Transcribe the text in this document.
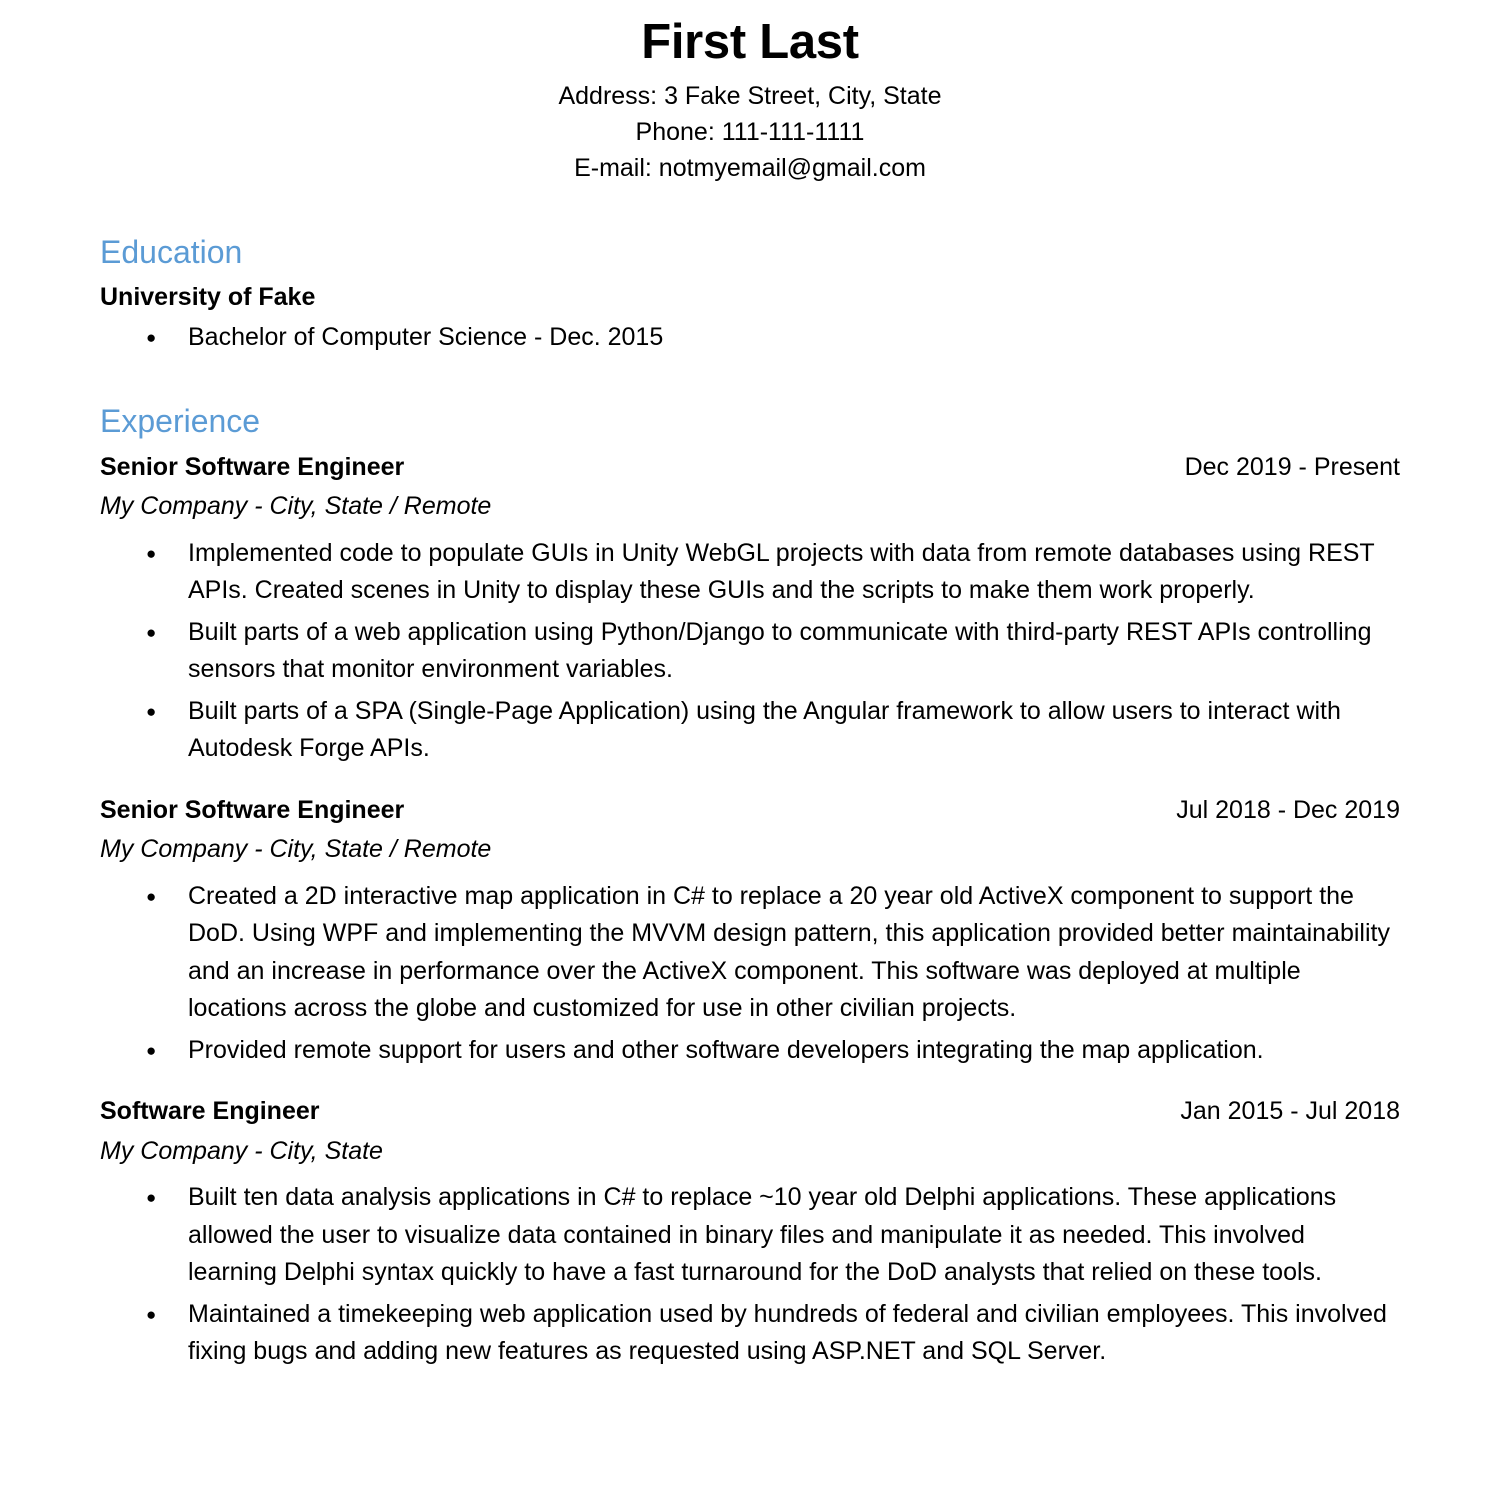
First Last
Address: 3 Fake Street, City, State
Phone: 111-111-1111
E-mail: notmyemail@gmail.com
Education
University of Fake
● Bachelor of Computer Science - Dec. 2015
Experience
Senior Software Engineer	Dec 2019 - Present
My Company - City, State / Remote
● Implemented code to populate GUIs in Unity WebGL projects with data from remote databases using REST APIs. Created scenes in Unity to display these GUIs and the scripts to make them work properly.
● Built parts of a web application using Python/Django to communicate with third-party REST APIs controlling sensors that monitor environment variables.
● Built parts of a SPA (Single-Page Application) using the Angular framework to allow users to interact with Autodesk Forge APIs.
Senior Software Engineer	Jul 2018 - Dec 2019
My Company - City, State / Remote
● Created a 2D interactive map application in C# to replace a 20 year old ActiveX component to support the DoD. Using WPF and implementing the MVVM design pattern, this application provided better maintainability and an increase in performance over the ActiveX component. This software was deployed at multiple locations across the globe and customized for use in other civilian projects.
● Provided remote support for users and other software developers integrating the map application.
Software Engineer	Jan 2015 - Jul 2018
My Company - City, State
● Built ten data analysis applications in C# to replace ~10 year old Delphi applications. These applications allowed the user to visualize data contained in binary files and manipulate it as needed. This involved learning Delphi syntax quickly to have a fast turnaround for the DoD analysts that relied on these tools.
● Maintained a timekeeping web application used by hundreds of federal and civilian employees. This involved fixing bugs and adding new features as requested using ASP.NET and SQL Server.
